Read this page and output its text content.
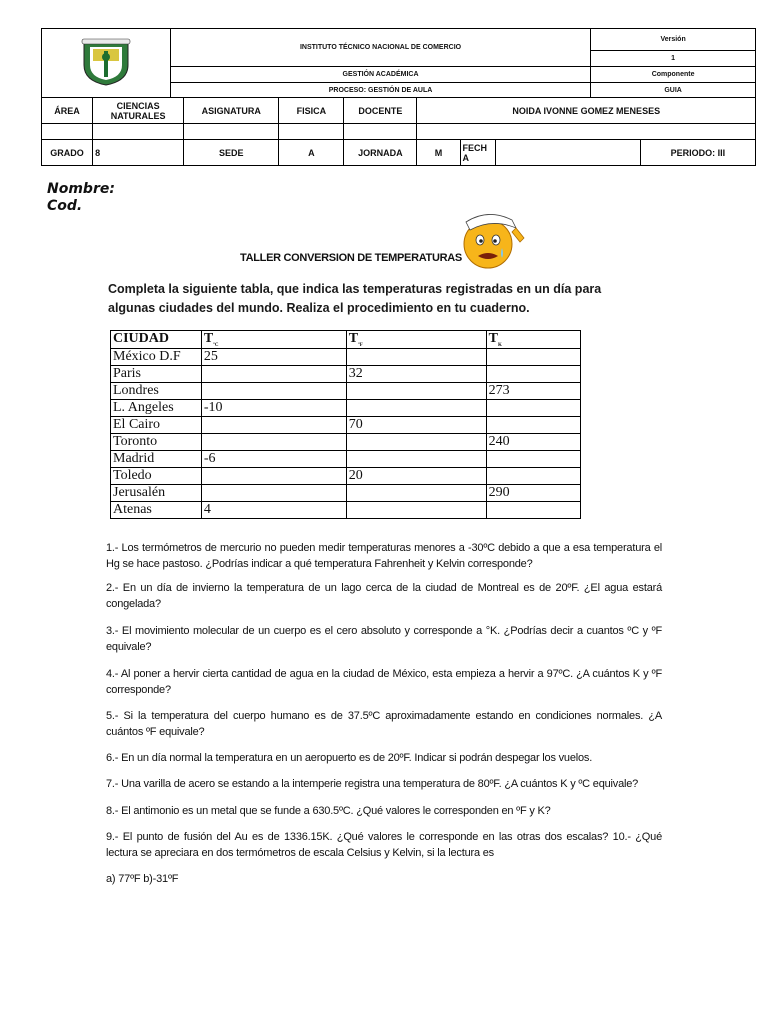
	INSTITUTO TÉCNICO NACIONAL DE COMERCIO	Versión
		1
	GESTIÓN ACADÉMICA	Componente
	PROCESO: GESTIÓN DE AULA	GUIA
ÁREA	CIENCIAS NATURALES	ASIGNATURA	FISICA	DOCENTE	NOIDA IVONNE GOMEZ MENESES			

GRADO	8	SEDE	A	JORNADA	M	FECH A		PERIODO: III
Nombre:
Cod.
TALLER CONVERSION DE TEMPERATURAS
Completa la siguiente tabla, que indica las temperaturas registradas en un día para algunas ciudades del mundo. Realiza el procedimiento en tu cuaderno.
CIUDAD	$T_{ºC}$	$T_{ºF}$	$T_K$
México D.F	25		
Paris		32	
Londres			273
L. Angeles	-10		
El Cairo		70	
Toronto			240
Madrid	-6		
Toledo		20	
Jerusalén			290
Atenas	4		
1.- Los termómetros de mercurio no pueden medir temperaturas menores a -30ºC debido a que a esa temperatura el Hg se hace pastoso. ¿Podrías indicar a qué temperatura Fahrenheit y Kelvin corresponde?
2.- En un día de invierno la temperatura de un lago cerca de la ciudad de Montreal es de 20ºF. ¿El agua estará congelada?
3.- El movimiento molecular de un cuerpo es el cero absoluto y corresponde a °K. ¿Podrías decir a cuantos ºC y ºF equivale?
4.- Al poner a hervir cierta cantidad de agua en la ciudad de México, esta empieza a hervir a 97ºC. ¿A cuántos K y ºF corresponde?
5.- Si la temperatura del cuerpo humano es de 37.5ºC aproximadamente estando en condiciones normales. ¿A cuántos ºF equivale?
6.- En un día normal la temperatura en un aeropuerto es de 20ºF. Indicar si podrán despegar los vuelos.
7.- Una varilla de acero se estando a la intemperie registra una temperatura de 80ºF. ¿A cuántos K y ºC equivale?
8.- El antimonio es un metal que se funde a 630.5ºC. ¿Qué valores le corresponden en ºF y K?
9.- El punto de fusión del Au es de 1336.15K. ¿Qué valores le corresponde en las otras dos escalas? 10.- ¿Qué lectura se apreciara en dos termómetros de escala Celsius y Kelvin, si la lectura es
a) 77ºF b)-31ºF
